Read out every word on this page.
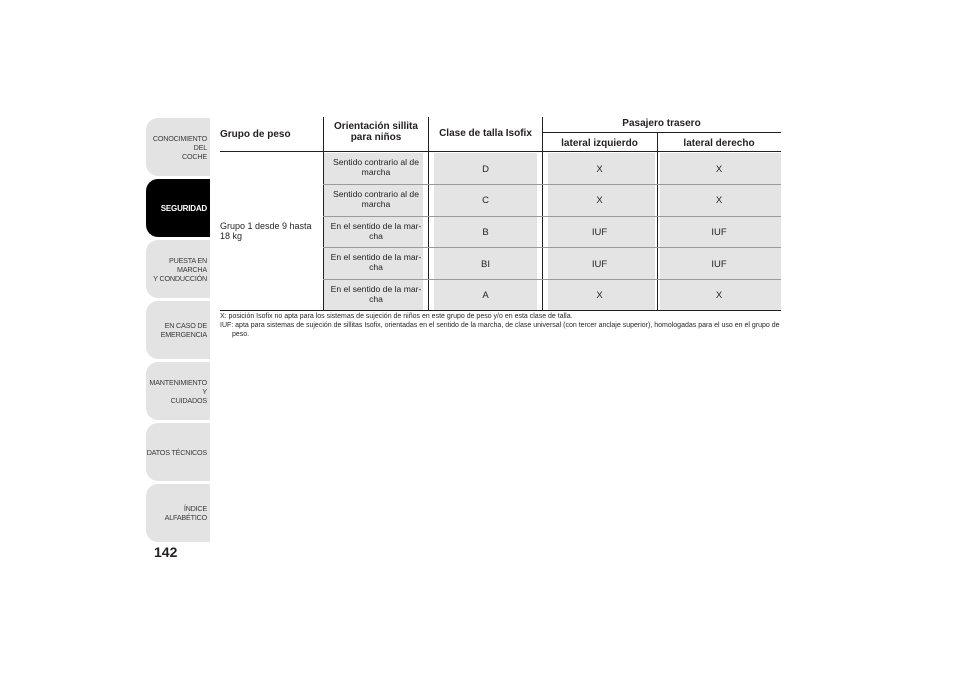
CONOCIMIENTO DEL
COCHE
SEGURIDAD
PUESTA EN MARCHA
Y CONDUCCIÓN
EN CASO DE
EMERGENCIA
MANTENIMIENTO Y
CUIDADOS
DATOS TÉCNICOS
ÍNDICE ALFABÉTICO
142
Grupo de peso
Orientación sillita
para niños	Clase de talla Isofix
Pasajero trasero
lateral izquierdo	lateral derecho
Grupo 1 desde 9 hasta
18 kg
Sentido contrario al de
marcha	D	X	X
Sentido contrario al de
marcha	C	X	X
En el sentido de la mar-
cha	B	IUF	IUF
En el sentido de la mar-
cha	BI	IUF	IUF
En el sentido de la mar-
cha	A	X	X
X: posición Isofix no apta para los sistemas de sujeción de niños en este grupo de peso y/o en esta clase de talla.
IUF: apta para sistemas de sujeción de sillitas Isofix, orientadas en el sentido de la marcha, de clase universal (con tercer anclaje superior), homologadas para el uso en el grupo de peso.
